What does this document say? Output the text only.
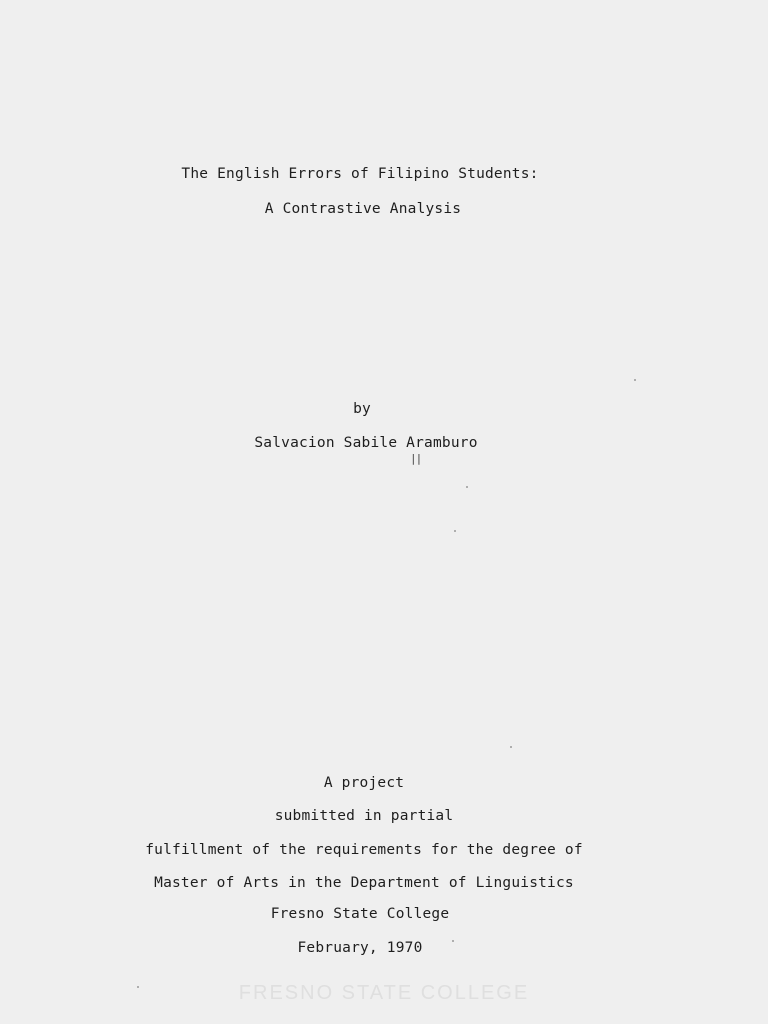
The English Errors of Filipino Students:
A Contrastive Analysis
by
Salvacion Sabile Aramburo
||
A project
submitted in partial
fulfillment of the requirements for the degree of
Master of Arts in the Department of Linguistics
Fresno State College
February, 1970
FRESNO STATE COLLEGE
